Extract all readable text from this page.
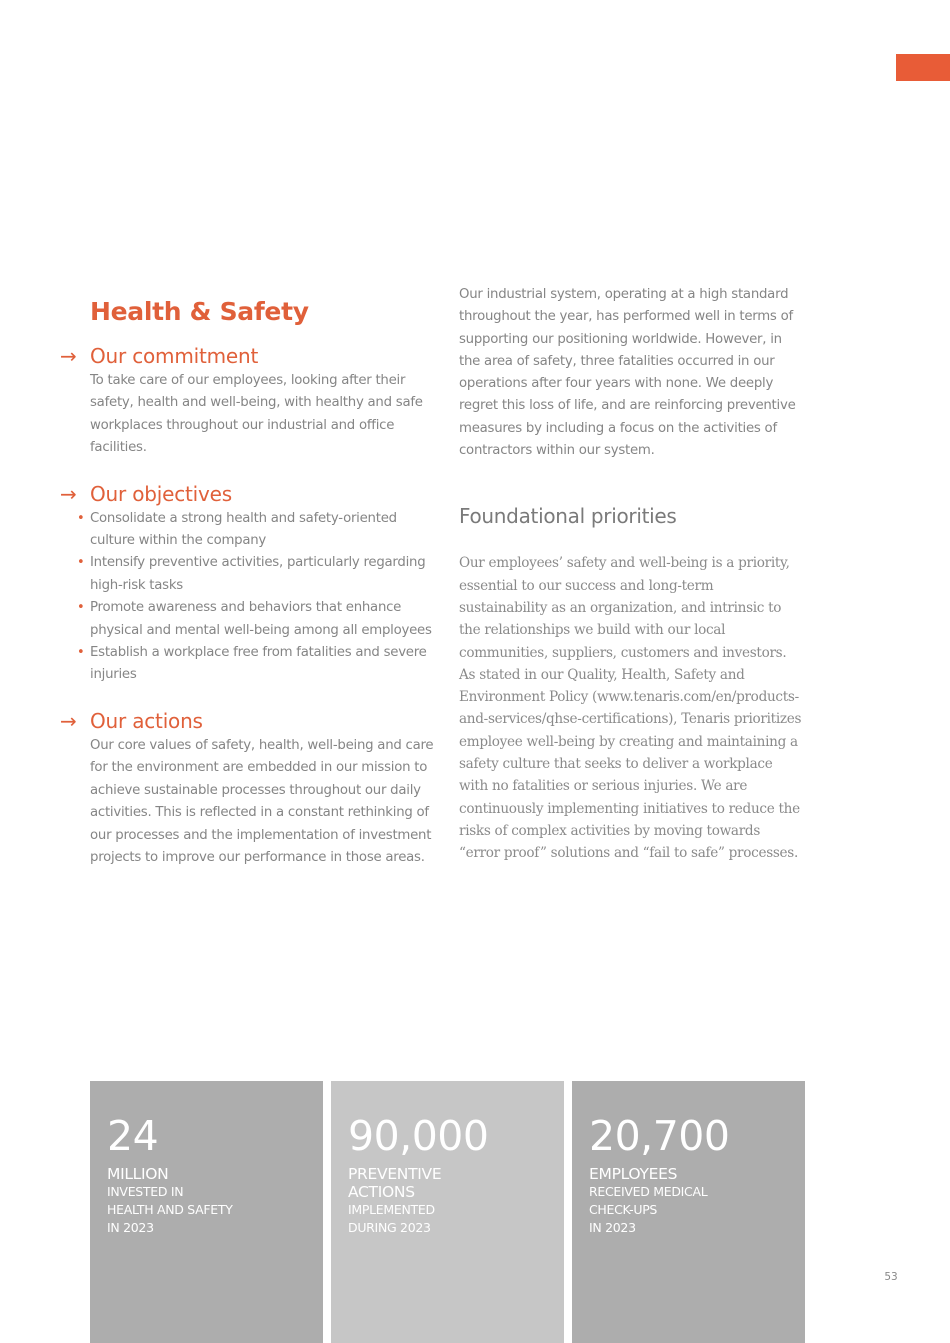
Health & Safety
→ Our commitment

To take care of our employees, looking after their safety, health and well-being, with healthy and safe workplaces throughout our industrial and office facilities.

→ Our objectives
• Consolidate a strong health and safety-oriented culture within the company
• Intensify preventive activities, particularly regarding high-risk tasks
• Promote awareness and behaviors that enhance physical and mental well-being among all employees
• Establish a workplace free from fatalities and severe injuries
→ Our actions

Our core values of safety, health, well-being and care for the environment are embedded in our mission to achieve sustainable processes throughout our daily activities. This is reflected in a constant rethinking of our processes and the implementation of investment projects to improve our performance in those areas.

Our industrial system, operating at a high standard throughout the year, has performed well in terms of supporting our positioning worldwide. However, in the area of safety, three fatalities occurred in our operations after four years with none. We deeply regret this loss of life, and are reinforcing preventive measures by including a focus on the activities of contractors within our system.

Foundational priorities

Our employees’ safety and well-being is a priority, essential to our success and long-term sustainability as an organization, and intrinsic to the relationships we build with our local communities, suppliers, customers and investors. As stated in our Quality, Health, Safety and Environment Policy (www.tenaris.com/en/products-and-services/qhse-certifications), Tenaris prioritizes employee well-being by creating and maintaining a safety culture that seeks to deliver a workplace with no fatalities or serious injuries. We are continuously implementing initiatives to reduce the risks of complex activities by moving towards “error proof” solutions and “fail to safe” processes.

24
MILLION
INVESTED IN
HEALTH AND SAFETY
IN 2023
90,000
PREVENTIVE
ACTIONS
IMPLEMENTED
DURING 2023
20,700
EMPLOYEES
RECEIVED MEDICAL
CHECK-UPS
IN 2023
53
